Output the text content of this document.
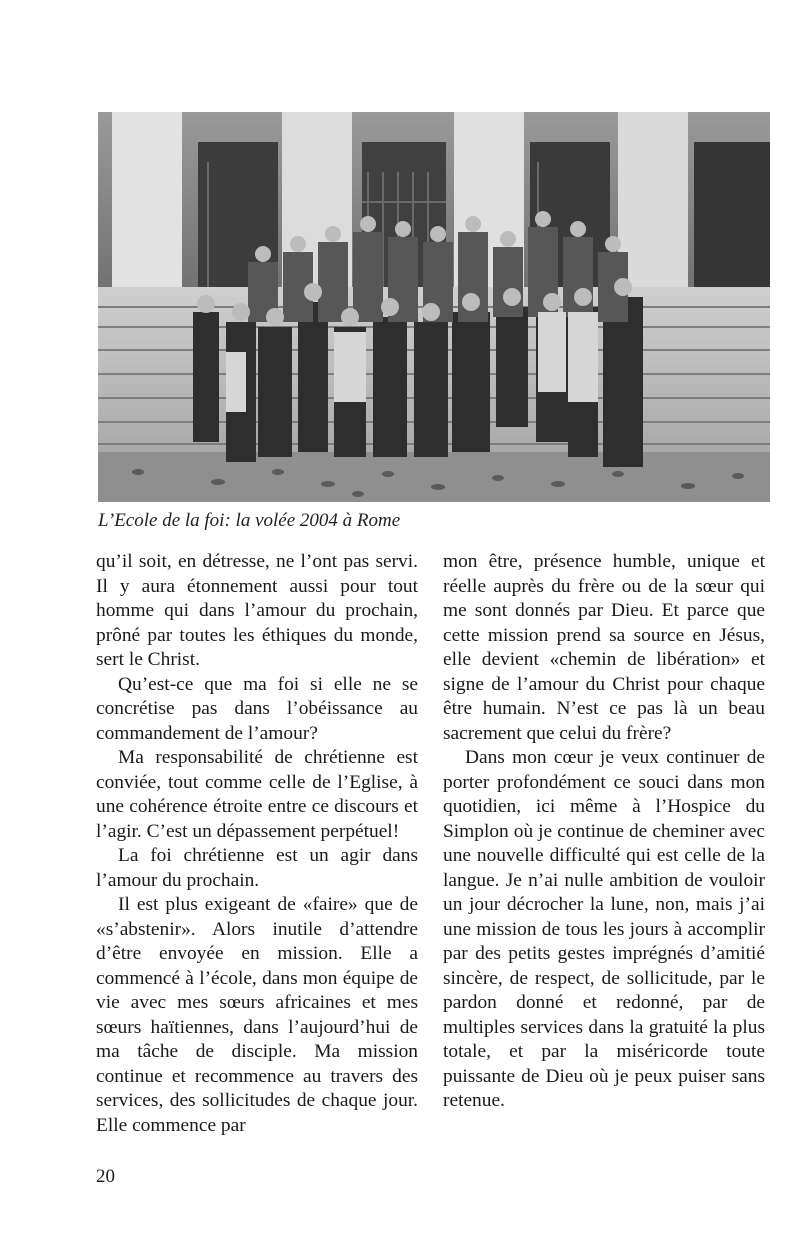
L’Ecole de la foi: la volée 2004 à Rome

qu’il soit, en détresse, ne l’ont pas servi. Il y aura étonnement aussi pour tout homme qui dans l’amour du prochain, prôné par toutes les éthiques du monde, sert le Christ.

Qu’est-ce que ma foi si elle ne se concrétise pas dans l’obéissance au commandement de l’amour?

Ma responsabilité de chrétienne est conviée, tout comme celle de l’Eglise, à une cohérence étroite entre ce discours et l’agir. C’est un dépassement perpétuel!

La foi chrétienne est un agir dans l’amour du prochain.

Il est plus exigeant de «faire» que de «s’abstenir». Alors inutile d’attendre d’être envoyée en mission. Elle a commencé à l’école, dans mon équipe de vie avec mes sœurs africaines et mes sœurs haïtiennes, dans l’aujourd’hui de ma tâche de disciple. Ma mission continue et recommence au travers des services, des sollicitudes de chaque jour. Elle commence par

mon être, présence humble, unique et réelle auprès du frère ou de la sœur qui me sont donnés par Dieu. Et parce que cette mission prend sa source en Jésus, elle devient «chemin de libération» et signe de l’amour du Christ pour chaque être humain. N’est ce pas là un beau sacrement que celui du frère?

Dans mon cœur je veux continuer de porter profondément ce souci dans mon quotidien, ici même à l’Hospice du Simplon où je continue de cheminer avec une nouvelle difficulté qui est celle de la langue. Je n’ai nulle ambition de vouloir un jour décrocher la lune, non, mais j’ai une mission de tous les jours à accomplir par des petits gestes imprégnés d’amitié sincère, de respect, de sollicitude, par le pardon donné et redonné, par de multiples services dans la gratuité la plus totale, et par la miséricorde toute puissante de Dieu où je peux puiser sans retenue.

20
